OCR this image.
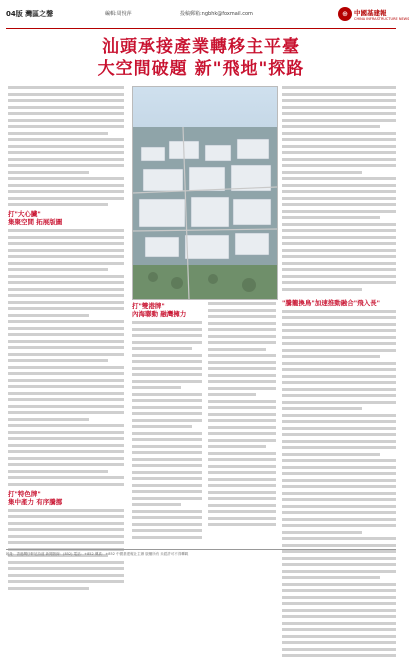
04版 灣區之聲	編輯:周悅萍	投稿郵箱:ngbhk@foxmail.com	⊕ 中國基建報
CHINA INFRASTRUCTURE NEWS
汕頭承接產業轉移主平臺
大空間破題 新"飛地"探路
打"大心臟"
集聚空間 拓展版圖
打"特色牌"
集中產力 有序騰挪
打"雙港牌"
內海聯動 融灣擁力
"騰籠換鳥"加速推動融合"飛入長"
地址：香港灣仔軒尼詩道 新聞熱線：(852) 電話：+852 傳真：+852 中國基建報社主辦 版權所有 未經許可不得轉載
